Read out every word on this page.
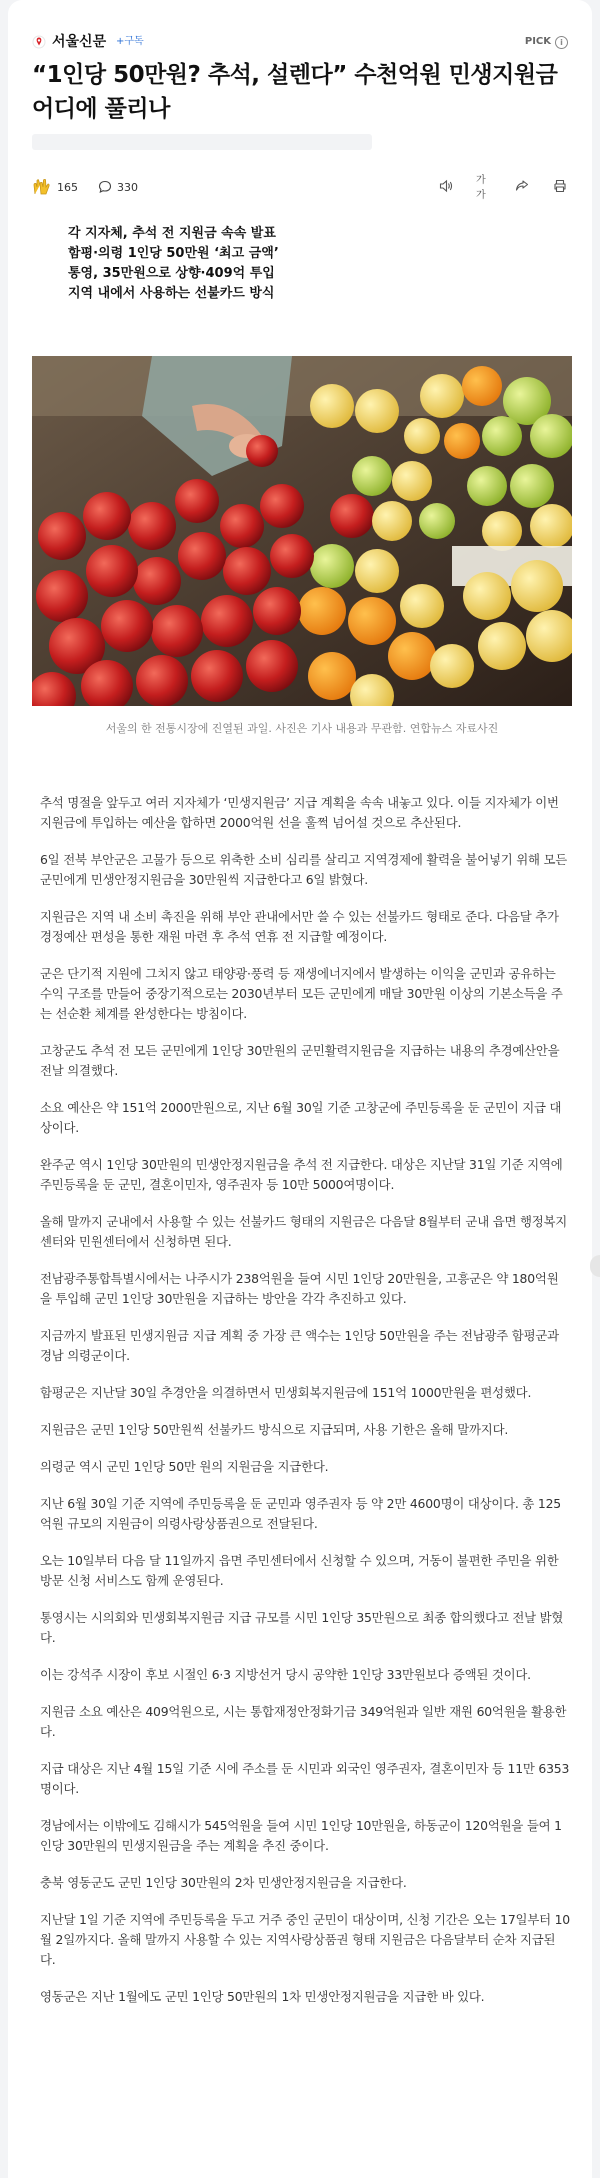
서울신문 +구독	PICK	i
“1인당 50만원? 추석, 설렌다” 수천억원 민생지원금 어디에 풀리나
165	330	가가
각 지자체, 추석 전 지원금 속속 발표
함평·의령 1인당 50만원 ‘최고 금액’
통영, 35만원으로 상향·409억 투입
지역 내에서 사용하는 선불카드 방식
서울의 한 전통시장에 진열된 과일. 사진은 기사 내용과 무관함. 연합뉴스 자료사진

추석 명절을 앞두고 여러 지자체가 ‘민생지원금’ 지급 계획을 속속 내놓고 있다. 이들 지자체가 이번 지원금에 투입하는 예산을 합하면 2000억원 선을 훌쩍 넘어설 것으로 추산된다.

6일 전북 부안군은 고물가 등으로 위축한 소비 심리를 살리고 지역경제에 활력을 불어넣기 위해 모든 군민에게 민생안정지원금을 30만원씩 지급한다고 6일 밝혔다.

지원금은 지역 내 소비 촉진을 위해 부안 관내에서만 쓸 수 있는 선불카드 형태로 준다. 다음달 추가경정예산 편성을 통한 재원 마련 후 추석 연휴 전 지급할 예정이다.

군은 단기적 지원에 그치지 않고 태양광·풍력 등 재생에너지에서 발생하는 이익을 군민과 공유하는 수익 구조를 만들어 중장기적으로는 2030년부터 모든 군민에게 매달 30만원 이상의 기본소득을 주는 선순환 체계를 완성한다는 방침이다.

고창군도 추석 전 모든 군민에게 1인당 30만원의 군민활력지원금을 지급하는 내용의 추경예산안을 전날 의결했다.

소요 예산은 약 151억 2000만원으로, 지난 6월 30일 기준 고창군에 주민등록을 둔 군민이 지급 대상이다.

완주군 역시 1인당 30만원의 민생안정지원금을 추석 전 지급한다. 대상은 지난달 31일 기준 지역에 주민등록을 둔 군민, 결혼이민자, 영주권자 등 10만 5000여명이다.

올해 말까지 군내에서 사용할 수 있는 선불카드 형태의 지원금은 다음달 8월부터 군내 읍면 행정복지센터와 민원센터에서 신청하면 된다.

전남광주통합특별시에서는 나주시가 238억원을 들여 시민 1인당 20만원을, 고흥군은 약 180억원을 투입해 군민 1인당 30만원을 지급하는 방안을 각각 추진하고 있다.

지금까지 발표된 민생지원금 지급 계획 중 가장 큰 액수는 1인당 50만원을 주는 전남광주 함평군과 경남 의령군이다.

함평군은 지난달 30일 추경안을 의결하면서 민생회복지원금에 151억 1000만원을 편성했다.

지원금은 군민 1인당 50만원씩 선불카드 방식으로 지급되며, 사용 기한은 올해 말까지다.

의령군 역시 군민 1인당 50만 원의 지원금을 지급한다.

지난 6월 30일 기준 지역에 주민등록을 둔 군민과 영주권자 등 약 2만 4600명이 대상이다. 총 125억원 규모의 지원금이 의령사랑상품권으로 전달된다.

오는 10일부터 다음 달 11일까지 읍면 주민센터에서 신청할 수 있으며, 거동이 불편한 주민을 위한 방문 신청 서비스도 함께 운영된다.

통영시는 시의회와 민생회복지원금 지급 규모를 시민 1인당 35만원으로 최종 합의했다고 전날 밝혔다.

이는 강석주 시장이 후보 시절인 6·3 지방선거 당시 공약한 1인당 33만원보다 증액된 것이다.

지원금 소요 예산은 409억원으로, 시는 통합재정안정화기금 349억원과 일반 재원 60억원을 활용한다.

지급 대상은 지난 4월 15일 기준 시에 주소를 둔 시민과 외국인 영주권자, 결혼이민자 등 11만 6353명이다.

경남에서는 이밖에도 김해시가 545억원을 들여 시민 1인당 10만원을, 하동군이 120억원을 들여 1인당 30만원의 민생지원금을 주는 계획을 추진 중이다.

충북 영동군도 군민 1인당 30만원의 2차 민생안정지원금을 지급한다.

지난달 1일 기준 지역에 주민등록을 두고 거주 중인 군민이 대상이며, 신청 기간은 오는 17일부터 10월 2일까지다. 올해 말까지 사용할 수 있는 지역사랑상품권 형태 지원금은 다음달부터 순차 지급된다.

영동군은 지난 1월에도 군민 1인당 50만원의 1차 민생안정지원금을 지급한 바 있다.
